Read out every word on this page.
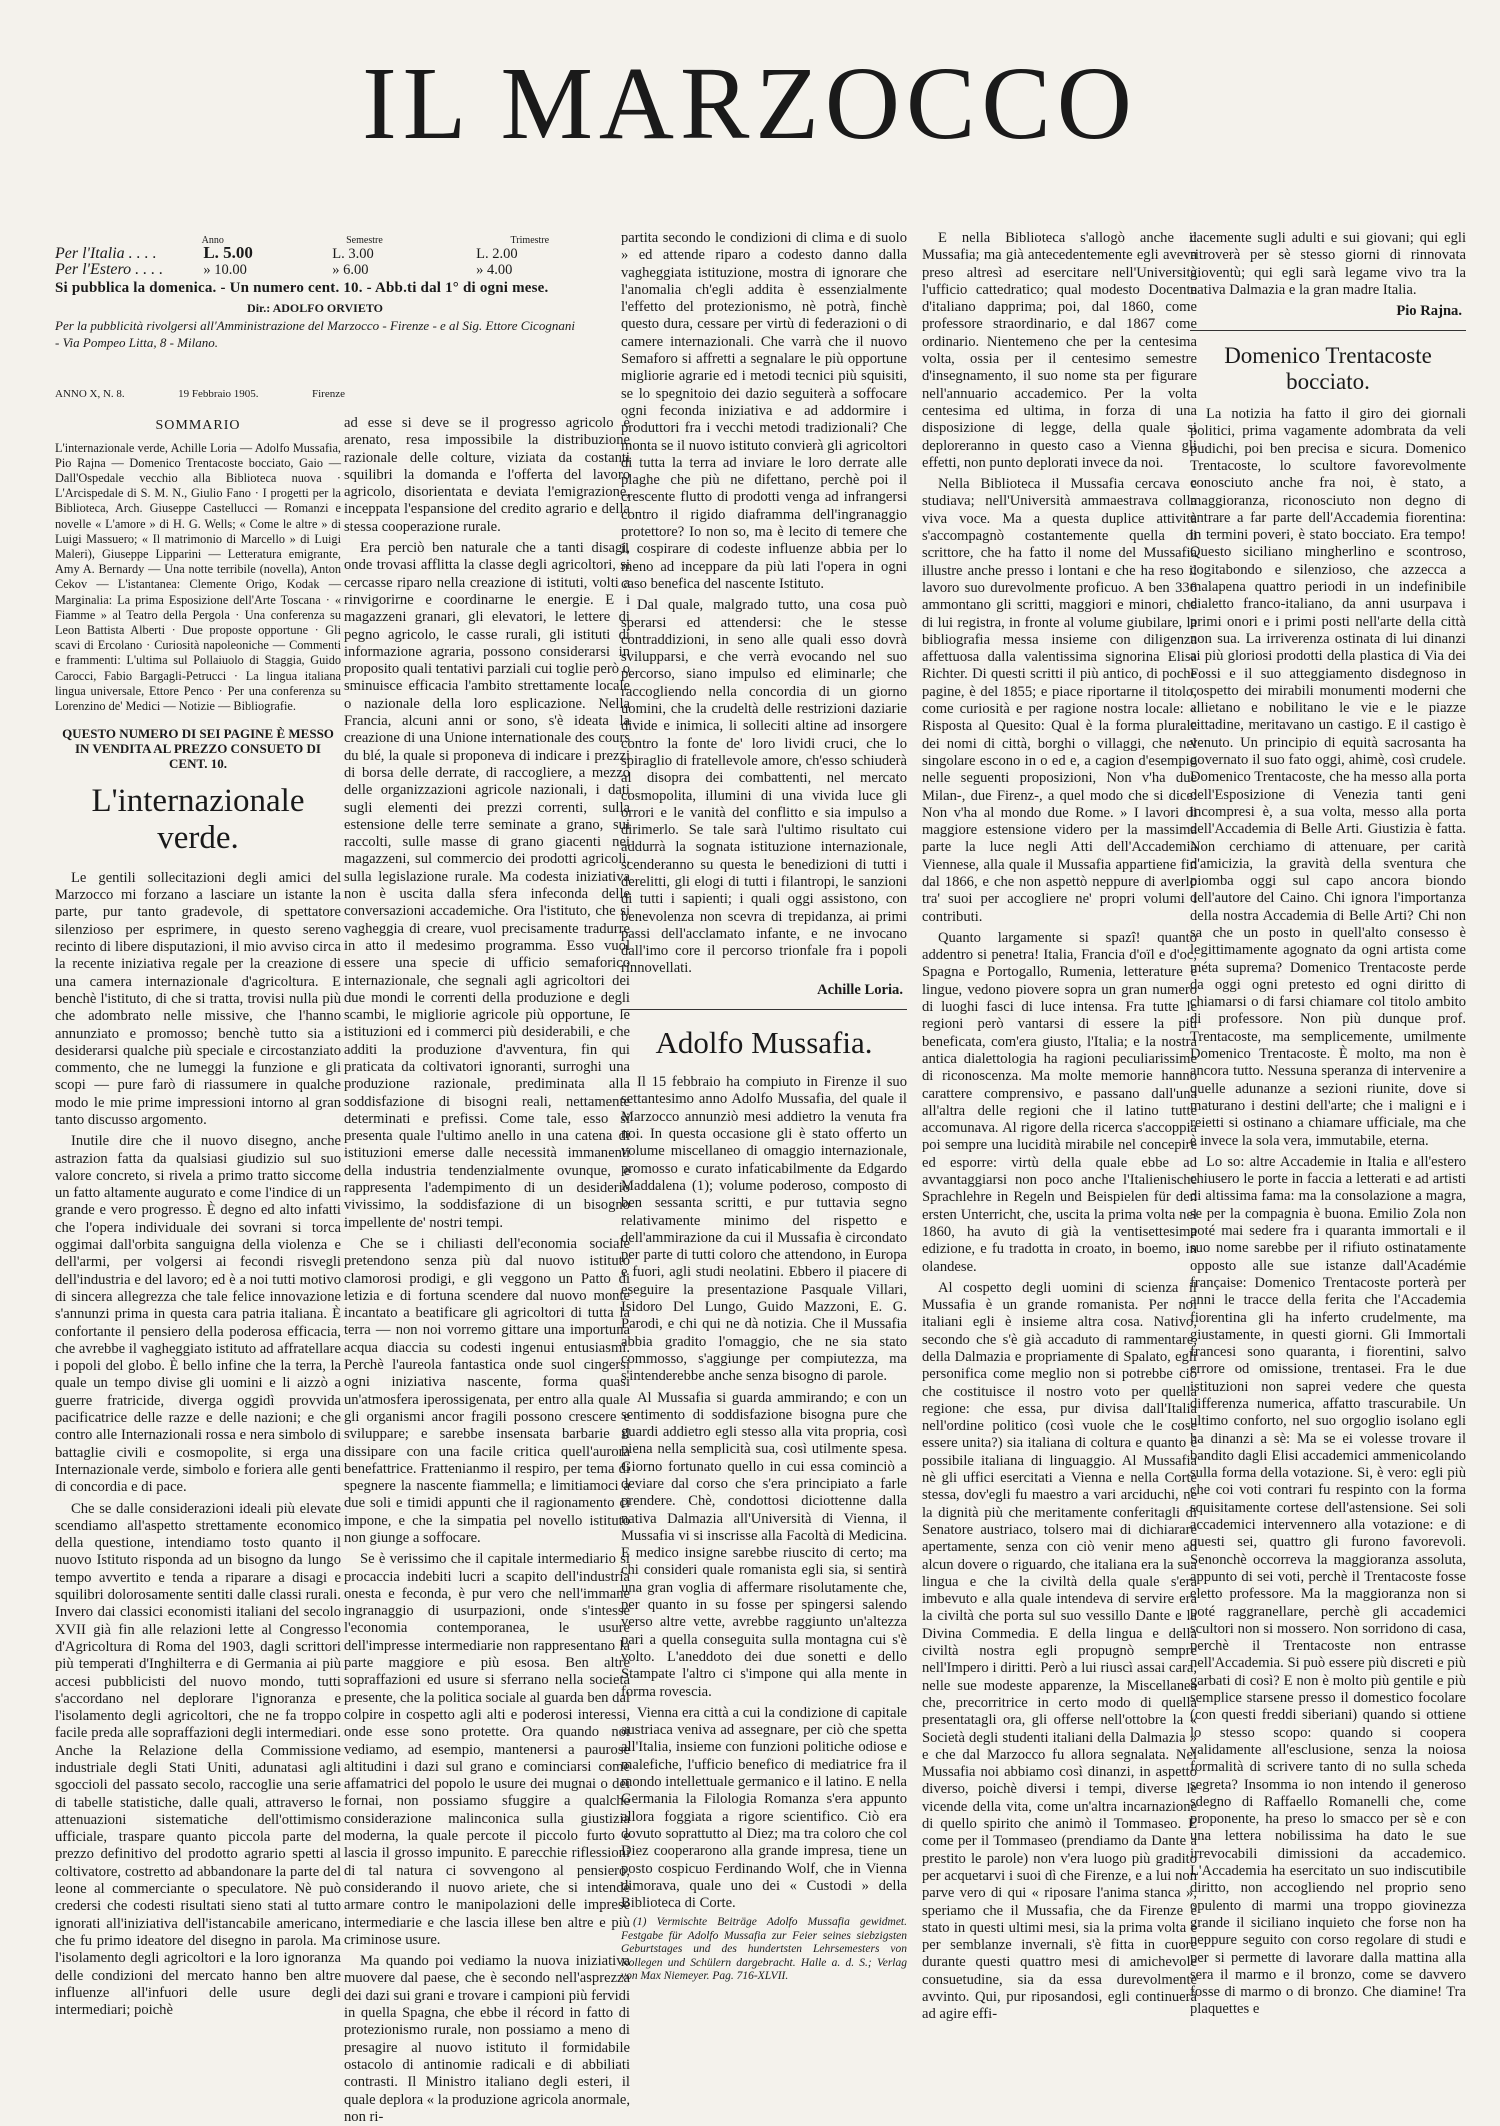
IL MARZOCCO
ANNO X, N. 8.	19 Febbraio 1905.	Firenze
SOMMARIO
L'internazionale verde, Achille Loria — Adolfo Mussafia, Pio Rajna — Domenico Trentacoste bocciato, Gaio — Dall'Ospedale vecchio alla Biblioteca nuova · L'Arcispedale di S. M. N., Giulio Fano · I progetti per la Biblioteca, Arch. Giuseppe Castellucci — Romanzi e novelle « L'amore » di H. G. Wells; « Come le altre » di Luigi Massuero; « Il matrimonio di Marcello » di Luigi Maleri), Giuseppe Lipparini — Letteratura emigrante, Amy A. Bernardy — Una notte terribile (novella), Anton Cekov — L'istantanea: Clemente Origo, Kodak — Marginalia: La prima Esposizione dell'Arte Toscana · « Fiamme » al Teatro della Pergola · Una conferenza su Leon Battista Alberti · Due proposte opportune · Gli scavi di Ercolano · Curiosità napoleoniche — Commenti e frammenti: L'ultima sul Pollaiuolo di Staggia, Guido Carocci, Fabio Bargagli-Petrucci · La lingua italiana lingua universale, Ettore Penco · Per una conferenza su Lorenzino de' Medici — Notizie — Bibliografie.
QUESTO NUMERO DI SEI PAGINE È MESSO IN VENDITA AL PREZZO CONSUETO DI CENT. 10.
L'internazionale verde.

Le gentili sollecitazioni degli amici del Marzocco mi forzano a lasciare un istante la parte, pur tanto gradevole, di spettatore silenzioso per esprimere, in questo sereno recinto di libere disputazioni, il mio avviso circa la recente iniziativa regale per la creazione di una camera internazionale d'agricoltura. E benchè l'istituto, di che si tratta, trovisi nulla più che adombrato nelle missive, che l'hanno annunziato e promosso; benchè tutto sia a desiderarsi qualche più speciale e circostanziato commento, che ne lumeggi la funzione e gli scopi — pure farò di riassumere in qualche modo le mie prime impressioni intorno al gran tanto discusso argomento.

Inutile dire che il nuovo disegno, anche astrazion fatta da qualsiasi giudizio sul suo valore concreto, si rivela a primo tratto siccome un fatto altamente augurato e come l'indice di un grande e vero progresso. È degno ed alto infatti che l'opera individuale dei sovrani si torca oggimai dall'orbita sanguigna della violenza e dell'armi, per volgersi ai fecondi risvegli dell'industria e del lavoro; ed è a noi tutti motivo di sincera allegrezza che tale felice innovazione s'annunzi prima in questa cara patria italiana. È confortante il pensiero della poderosa efficacia, che avrebbe il vagheggiato istituto ad affratellare i popoli del globo. È bello infine che la terra, la quale un tempo divise gli uomini e li aizzò a guerre fratricide, diverga oggidì provvida pacificatrice delle razze e delle nazioni; e che contro alle Internazionali rossa e nera simbolo di battaglie civili e cosmopolite, si erga una Internazionale verde, simbolo e foriera alle genti di concordia e di pace.

Che se dalle considerazioni ideali più elevate scendiamo all'aspetto strettamente economico della questione, intendiamo tosto quanto il nuovo Istituto risponda ad un bisogno da lungo tempo avvertito e tenda a riparare a disagi e squilibri dolorosamente sentiti dalle classi rurali. Invero dai classici economisti italiani del secolo XVII già fin alle relazioni lette al Congresso d'Agricoltura di Roma del 1903, dagli scrittori più temperati d'Inghilterra e di Germania ai più accesi pubblicisti del nuovo mondo, tutti s'accordano nel deplorare l'ignoranza e l'isolamento degli agricoltori, che ne fa troppo facile preda alle sopraffazioni degli intermediari. Anche la Relazione della Commissione industriale degli Stati Uniti, adunatasi agli sgoccioli del passato secolo, raccoglie una serie di tabelle statistiche, dalle quali, attraverso le attenuazioni sistematiche dell'ottimismo ufficiale, traspare quanto piccola parte del prezzo definitivo del prodotto agrario spetti al coltivatore, costretto ad abbandonare la parte del leone al commerciante o speculatore. Nè può credersi che codesti risultati sieno stati al tutto ignorati all'iniziativa dell'istancabile americano, che fu primo ideatore del disegno in parola. Ma l'isolamento degli agricoltori e la loro ignoranza delle condizioni del mercato hanno ben altre influenze all'infuori delle usure degli intermediari; poichè

Anno	Semestre	Trimestre
Per l'Italia . . . .	L. 5.00	L. 3.00	L. 2.00
Per l'Estero . . . .	» 10.00	» 6.00	» 4.00
Si pubblica la domenica. - Un numero cent. 10. - Abb.ti dal 1° di ogni mese.
Dir.: ADOLFO ORVIETO
Per la pubblicità rivolgersi all'Amministrazione del Marzocco - Firenze - e al Sig. Ettore Cicognani - Via Pompeo Litta, 8 - Milano.

ad esse si deve se il progresso agricolo è arenato, resa impossibile la distribuzione razionale delle colture, viziata da costanti squilibri la domanda e l'offerta del lavoro agricolo, disorientata e deviata l'emigrazione, inceppata l'espansione del credito agrario e della stessa cooperazione rurale.

Era perciò ben naturale che a tanti disagi, onde trovasi afflitta la classe degli agricoltori, si cercasse riparo nella creazione di istituti, volti a rinvigorirne e coordinarne le energie. E i magazzeni granari, gli elevatori, le lettere di pegno agricolo, le casse rurali, gli istituti di informazione agraria, possono considerarsi in proposito quali tentativi parziali cui toglie però o sminuisce efficacia l'ambito strettamente locale o nazionale della loro esplicazione. Nella Francia, alcuni anni or sono, s'è ideata la creazione di una Unione internationale des cours du blé, la quale si proponeva di indicare i prezzi di borsa delle derrate, di raccogliere, a mezzo delle organizzazioni agricole nazionali, i dati sugli elementi dei prezzi correnti, sulla estensione delle terre seminate a grano, sui raccolti, sulle masse di grano giacenti nei magazzeni, sul commercio dei prodotti agricoli, sulla legislazione rurale. Ma codesta iniziativa non è uscita dalla sfera infeconda delle conversazioni accademiche. Ora l'istituto, che si vagheggia di creare, vuol precisamente tradurre in atto il medesimo programma. Esso vuol essere una specie di ufficio semaforico internazionale, che segnali agli agricoltori dei due mondi le correnti della produzione e degli scambi, le migliorie agricole più opportune, le istituzioni ed i commerci più desiderabili, e che additi la produzione d'avventura, fin qui praticata da coltivatori ignoranti, surroghi una produzione razionale, prediminata alla soddisfazione di bisogni reali, nettamente determinati e prefissi. Come tale, esso si presenta quale l'ultimo anello in una catena di istituzioni emerse dalle necessità immanenti della industria tendenzialmente ovunque, e rappresenta l'adempimento di un desiderio vivissimo, la soddisfazione di un bisogno impellente de' nostri tempi.

Che se i chiliasti dell'economia sociale pretendono senza più dal nuovo istituto clamorosi prodigi, e gli veggono un Patto di letizia e di fortuna scendere dal nuovo monte incantato a beatificare gli agricoltori di tutta la terra — non noi vorremo gittare una importuna acqua diaccia su codesti ingenui entusiasmi. Perchè l'aureola fantastica onde suol cingersi ogni iniziativa nascente, forma quasi un'atmosfera iperossigenata, per entro alla quale gli organismi ancor fragili possono crescere e sviluppare; e sarebbe insensata barbarie il dissipare con una facile critica quell'aurora benefattrice. Frattenianmo il respiro, per tema di spegnere la nascente fiammella; e limitiamoci a due soli e timidi appunti che il ragionamento ci impone, e che la simpatia pel novello istituto non giunge a soffocare.

Se è verissimo che il capitale intermediario si procaccia indebiti lucri a scapito dell'industria onesta e feconda, è pur vero che nell'immane ingranaggio di usurpazioni, onde s'intesse l'economia contemporanea, le usure dell'impresse intermediarie non rappresentano la parte maggiore e più esosa. Ben altre sopraffazioni ed usure si sferrano nella società presente, che la politica sociale al guarda ben dal colpire in cospetto agli alti e poderosi interessi, onde esse sono protette. Ora quando noi vediamo, ad esempio, mantenersi a paurose altitudini i dazi sul grano e cominciarsi come affamatrici del popolo le usure dei mugnai o dei fornai, non possiamo sfuggire a qualche considerazione malinconica sulla giustizia moderna, la quale percote il piccolo furto e lascia il grosso impunito. E parecchie riflessioni di tal natura ci sovvengono al pensiero, considerando il nuovo ariete, che si intende armare contro le manipolazioni delle imprese intermediarie e che lascia illese ben altre e più criminose usure.

Ma quando poi vediamo la nuova iniziativa muovere dal paese, che è secondo nell'asprezza dei dazi sui grani e trovare i campioni più fervidi in quella Spagna, che ebbe il récord in fatto di protezionismo rurale, non possiamo a meno di presagire al nuovo istituto il formidabile ostacolo di antinomie radicali e di abbiliati contrasti. Il Ministro italiano degli esteri, il quale deplora « la produzione agricola anormale, non ri-

partita secondo le condizioni di clima e di suolo » ed attende riparo a codesto danno dalla vagheggiata istituzione, mostra di ignorare che l'anomalia ch'egli addita è essenzialmente l'effetto del protezionismo, nè potrà, finchè questo dura, cessare per virtù di federazioni o di camere internazionali. Che varrà che il nuovo Semaforo si affretti a segnalare le più opportune migliorie agrarie ed i metodi tecnici più squisiti, se lo spegnitoio dei dazio seguiterà a soffocare ogni feconda iniziativa e ad addormire i produttori fra i vecchi metodi tradizionali? Che monta se il nuovo istituto convierà gli agricoltori di tutta la terra ad inviare le loro derrate alle plaghe che più ne difettano, perchè poi il crescente flutto di prodotti venga ad infrangersi contro il rigido diaframma dell'ingranaggio protettore? Io non so, ma è lecito di temere che il cospirare di codeste influenze abbia per lo meno ad inceppare da più lati l'opera in ogni caso benefica del nascente Istituto.

Dal quale, malgrado tutto, una cosa può sperarsi ed attendersi: che le stesse contraddizioni, in seno alle quali esso dovrà svilupparsi, e che verrà evocando nel suo percorso, siano impulso ed eliminarle; che raccogliendo nella concordia di un giorno uomini, che la crudeltà delle restrizioni daziarie divide e inimica, li solleciti altine ad insorgere contro la fonte de' loro lividi cruci, che lo spiraglio di fratellevole amore, ch'esso schiuderà al disopra dei combattenti, nel mercato cosmopolita, illumini di una vivida luce gli orrori e le vanità del conflitto e sia impulso a dirimerlo. Se tale sarà l'ultimo risultato cui addurrà la sognata istituzione internazionale, scenderanno su questa le benedizioni di tutti i derelitti, gli elogi di tutti i filantropi, le sanzioni di tutti i sapienti; i quali oggi assistono, con benevolenza non scevra di trepidanza, ai primi passi dell'acclamato infante, e ne invocano dall'imo core il percorso trionfale fra i popoli rinnovellati.

Achille Loria.
Adolfo Mussafia.

Il 15 febbraio ha compiuto in Firenze il suo settantesimo anno Adolfo Mussafia, del quale il Marzocco annunziò mesi addietro la venuta fra noi. In questa occasione gli è stato offerto un volume miscellaneo di omaggio internazionale, promosso e curato infaticabilmente da Edgardo Maddalena (1); volume poderoso, composto di ben sessanta scritti, e pur tuttavia segno relativamente minimo del rispetto e dell'ammirazione da cui il Mussafia è circondato per parte di tutti coloro che attendono, in Europa e fuori, agli studi neolatini. Ebbero il piacere di eseguire la presentazione Pasquale Villari, Isidoro Del Lungo, Guido Mazzoni, E. G. Parodi, e chi qui ne dà notizia. Che il Mussafia abbia gradito l'omaggio, che ne sia stato commosso, s'aggiunge per compiutezza, ma s'intenderebbe anche senza bisogno di parole.

Al Mussafia si guarda ammirando; e con un sentimento di soddisfazione bisogna pure che guardi addietro egli stesso alla vita propria, così piena nella semplicità sua, così utilmente spesa. Giorno fortunato quello in cui essa cominciò a deviare dal corso che s'era principiato a farle prendere. Chè, condottosi diciottenne dalla nativa Dalmazia all'Università di Vienna, il Mussafia vi si inscrisse alla Facoltà di Medicina. E medico insigne sarebbe riuscito di certo; ma chi consideri quale romanista egli sia, si sentirà una gran voglia di affermare risolutamente che, per quanto in su fosse per spingersi salendo verso altre vette, avrebbe raggiunto un'altezza pari a quella conseguita sulla montagna cui s'è volto. L'aneddoto dei due sonetti e dello Stampate l'altro ci s'impone qui alla mente in forma rovescia.

Vienna era città a cui la condizione di capitale austriaca veniva ad assegnare, per ciò che spetta all'Italia, insieme con funzioni politiche odiose e malefiche, l'ufficio benefico di mediatrice fra il mondo intellettuale germanico e il latino. E nella Germania la Filologia Romanza s'era appunto allora foggiata a rigore scientifico. Ciò era dovuto soprattutto al Diez; ma tra coloro che col Diez cooperarono alla grande impresa, tiene un posto cospicuo Ferdinando Wolf, che in Vienna dimorava, quale uno dei « Custodi » della Biblioteca di Corte.

(1) Vermischte Beiträge Adolfo Mussafia gewidmet. Festgabe für Adolfo Mussafia zur Feier seines siebzigsten Geburtstages und des hundertsten Lehrsemesters von Kollegen und Schülern dargebracht. Halle a. d. S.; Verlag von Max Niemeyer. Pag. 716-XLVII.

E nella Biblioteca s'allogò anche il Mussafia; ma già antecedentemente egli aveva preso altresì ad esercitare nell'Università l'ufficio cattedratico; qual modesto Docente d'italiano dapprima; poi, dal 1860, come professore straordinario, e dal 1867 come ordinario. Nientemeno che per la centesima volta, ossia per il centesimo semestre d'insegnamento, il suo nome sta per figurare nell'annuario accademico. Per la volta centesima ed ultima, in forza di una disposizione di legge, della quale si deploreranno in questo caso a Vienna gli effetti, non punto deplorati invece da noi.

Nella Biblioteca il Mussafia cercava e studiava; nell'Università ammaestrava colla viva voce. Ma a questa duplice attività s'accompagnò costantemente quella di scrittore, che ha fatto il nome del Mussafia illustre anche presso i lontani e che ha reso il lavoro suo durevolmente proficuo. A ben 336 ammontano gli scritti, maggiori e minori, che di lui registra, in fronte al volume giubilare, la bibliografia messa insieme con diligenza affettuosa dalla valentissima signorina Elisa Richter. Di questi scritti il più antico, di poche pagine, è del 1855; e piace riportarne il titolo, come curiosità e per ragione nostra locale: « Risposta al Quesito: Qual è la forma plurale dei nomi di città, borghi o villaggi, che nel singolare escono in o ed e, a cagion d'esempio nelle seguenti proposizioni, Non v'ha due Milan-, due Firenz-, a quel modo che si dice: Non v'ha al mondo due Rome. » I lavori di maggiore estensione videro per la massima parte la luce negli Atti dell'Accademia Viennese, alla quale il Mussafia appartiene fin dal 1866, e che non aspettò neppure di averlo tra' suoi per accogliere ne' propri volumi i contributi.

Quanto largamente si spazî! quanto addentro si penetra! Italia, Francia d'oïl e d'oc, Spagna e Portogallo, Rumenia, letterature e lingue, vedono piovere sopra un gran numero di luoghi fasci di luce intensa. Fra tutte le regioni però vantarsi di essere la più beneficata, com'era giusto, l'Italia; e la nostra antica dialettologia ha ragioni peculiarissime di riconoscenza. Ma molte memorie hanno carattere comprensivo, e passano dall'una all'altra delle regioni che il latino tutte accomunava. Al rigore della ricerca s'accoppia poi sempre una lucidità mirabile nel concepire ed esporre: virtù della quale ebbe ad avvantaggiarsi non poco anche l'Italienische Sprachlehre in Regeln und Beispielen für den ersten Unterricht, che, uscita la prima volta nel 1860, ha avuto di già la ventisettesima edizione, e fu tradotta in croato, in boemo, in olandese.

Al cospetto degli uomini di scienza il Mussafia è un grande romanista. Per noi italiani egli è insieme altra cosa. Nativo, secondo che s'è già accaduto di rammentare, della Dalmazia e propriamente di Spalato, egli personifica come meglio non si potrebbe ciò che costituisce il nostro voto per quella regione: che essa, pur divisa dall'Italia nell'ordine politico (così vuole che le cose essere unita?) sia italiana di coltura e quanto è possibile italiana di linguaggio. Al Mussafia nè gli uffici esercitati a Vienna e nella Corte stessa, dov'egli fu maestro a vari arciduchi, nè la dignità più che meritamente conferitagli di Senatore austriaco, tolsero mai di dichiarare apertamente, senza con ciò venir meno ad alcun dovere o riguardo, che italiana era la sua lingua e che la civiltà della quale s'era imbevuto e alla quale intendeva di servire era la civiltà che porta sul suo vessillo Dante e la Divina Commedia. E della lingua e della civiltà nostra egli propugnò sempre nell'Impero i diritti. Però a lui riuscì assai cara, nelle sue modeste apparenze, la Miscellanea che, precorritrice in certo modo di quella presentatagli ora, gli offerse nell'ottobre la « Società degli studenti italiani della Dalmazia » e che dal Marzocco fu allora segnalata. Nel Mussafia noi abbiamo così dinanzi, in aspetto diverso, poichè diversi i tempi, diverse le vicende della vita, come un'altra incarnazione di quello spirito che animò il Tommaseo. E come per il Tommaseo (prendiamo da Dante a prestito le parole) non v'era luogo più gradito per acquetarvi i suoi dì che Firenze, e a lui non parve vero di qui « riposare l'anima stanca », speriamo che il Mussafia, che da Firenze è stato in questi ultimi mesi, sia la prima volta e per semblanze invernali, s'è fitta in cuore durante questi quattro mesi di amichevole consuetudine, sia da essa durevolmente avvinto. Qui, pur riposandosi, egli continuerà ad agire effi-

cacemente sugli adulti e sui giovani; qui egli ritroverà per sè stesso giorni di rinnovata gioventù; qui egli sarà legame vivo tra la nativa Dalmazia e la gran madre Italia.

Pio Rajna.
Domenico Trentacoste bocciato.

La notizia ha fatto il giro dei giornali politici, prima vagamente adombrata da veli pudichi, poi ben precisa e sicura. Domenico Trentacoste, lo scultore favorevolmente conosciuto anche fra noi, è stato, a maggioranza, riconosciuto non degno di entrare a far parte dell'Accademia fiorentina: in termini poveri, è stato bocciato. Era tempo! Questo siciliano mingherlino e scontroso, cogitabondo e silenzioso, che azzecca a malapena quattro periodi in un indefinibile dialetto franco-italiano, da anni usurpava i primi onori e i primi posti nell'arte della città non sua. La irriverenza ostinata di lui dinanzi ai più gloriosi prodotti della plastica di Via dei Fossi e il suo atteggiamento disdegnoso in cospetto dei mirabili monumenti moderni che allietano e nobilitano le vie e le piazze cittadine, meritavano un castigo. E il castigo è venuto. Un principio di equità sacrosanta ha governato il suo fato oggi, ahimè, così crudele. Domenico Trentacoste, che ha messo alla porta dell'Esposizione di Venezia tanti geni incompresi è, a sua volta, messo alla porta dell'Accademia di Belle Arti. Giustizia è fatta. Non cerchiamo di attenuare, per carità d'amicizia, la gravità della sventura che piomba oggi sul capo ancora biondo dell'autore del Caino. Chi ignora l'importanza della nostra Accademia di Belle Arti? Chi non sa che un posto in quell'alto consesso è legittimamente agognato da ogni artista come méta suprema? Domenico Trentacoste perde da oggi ogni pretesto ed ogni diritto di chiamarsi o di farsi chiamare col titolo ambito di professore. Non più dunque prof. Trentacoste, ma semplicemente, umilmente Domenico Trentacoste. È molto, ma non è ancora tutto. Nessuna speranza di intervenire a quelle adunanze a sezioni riunite, dove si maturano i destini dell'arte; che i maligni e i reietti si ostinano a chiamare ufficiale, ma che è invece la sola vera, immutabile, eterna.

Lo so: altre Accademie in Italia e all'estero chiusero le porte in faccia a letterati e ad artisti di altissima fama: ma la consolazione a magra, se per la compagnia è buona. Emilio Zola non poté mai sedere fra i quaranta immortali e il suo nome sarebbe per il rifiuto ostinatamente opposto alle sue istanze dall'Académie française: Domenico Trentacoste porterà per anni le tracce della ferita che l'Accademia fiorentina gli ha inferto crudelmente, ma giustamente, in questi giorni. Gli Immortali francesi sono quaranta, i fiorentini, salvo errore od omissione, trentasei. Fra le due istituzioni non saprei vedere che questa differenza numerica, affatto trascurabile. Un ultimo conforto, nel suo orgoglio isolano egli ha dinanzi a sè: Ma se ei volesse trovare il bandito dagli Elisi accademici ammenicolando sulla forma della votazione. Si, è vero: egli più che coi voti contrari fu respinto con la forma squisitamente cortese dell'astensione. Sei soli accademici intervennero alla votazione: e di questi sei, quattro gli furono favorevoli. Senonchè occorreva la maggioranza assoluta, appunto di sei voti, perchè il Trentacoste fosse eletto professore. Ma la maggioranza non si poté raggranellare, perchè gli accademici scultori non si mossero. Non sorridono di casa, perchè il Trentacoste non entrasse nell'Accademia. Si può essere più discreti e più garbati di così? E non è molto più gentile e più semplice starsene presso il domestico focolare (con questi freddi siberiani) quando si ottiene lo stesso scopo: quando si coopera validamente all'esclusione, senza la noiosa formalità di scrivere tanto di no sulla scheda segreta? Insomma io non intendo il generoso sdegno di Raffaello Romanelli che, come proponente, ha preso lo smacco per sè e con una lettera nobilissima ha dato le sue irrevocabili dimissioni da accademico. L'Accademia ha esercitato un suo indiscutibile diritto, non accogliendo nel proprio seno opulento di marmi una troppo giovinezza grande il siciliano inquieto che forse non ha neppure seguito con corso regolare di studi e per si permette di lavorare dalla mattina alla sera il marmo e il bronzo, come se davvero fosse di marmo o di bronzo. Che diamine! Tra plaquettes e
